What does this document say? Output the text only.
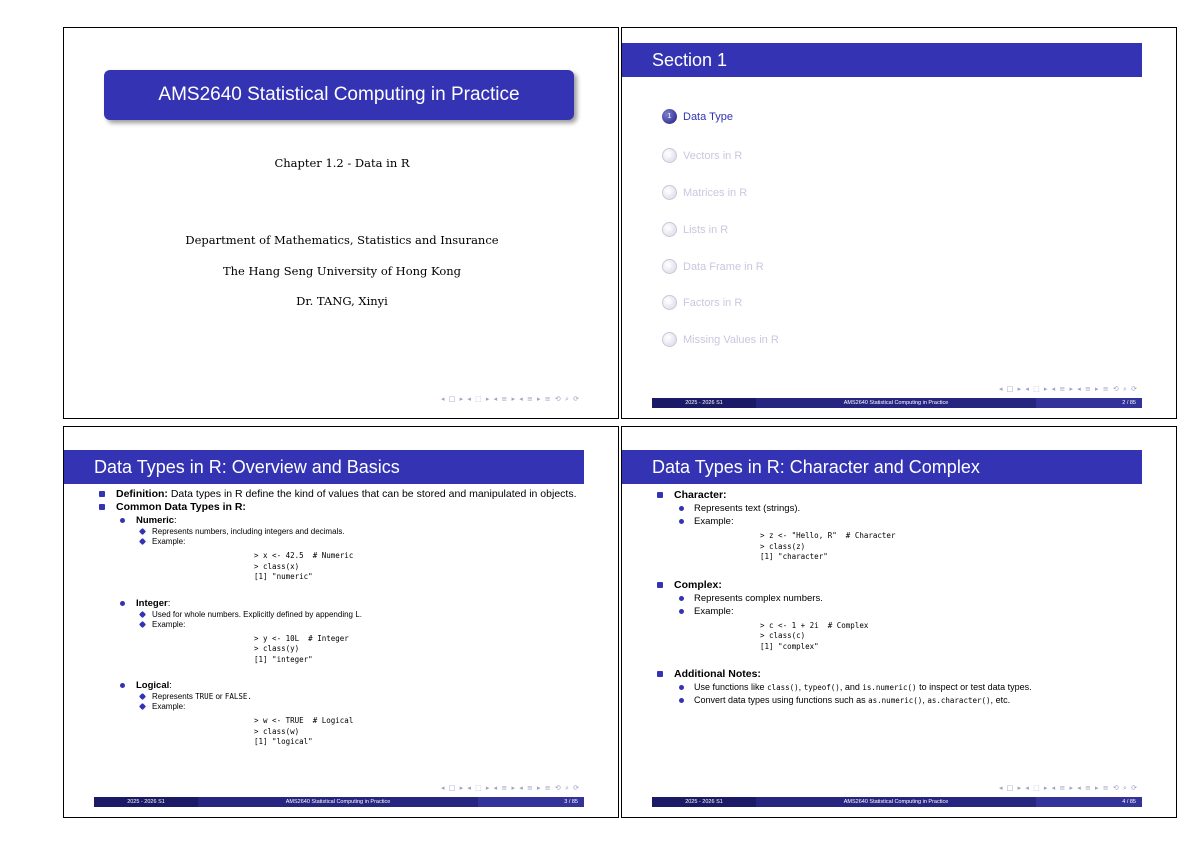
AMS2640 Statistical Computing in Practice
Chapter 1.2 - Data in R
Department of Mathematics, Statistics and Insurance
The Hang Seng University of Hong Kong
Dr. TANG, Xinyi
◂ □ ▸ ◂ ⬚ ▸ ◂ ≡ ▸ ◂ ≡ ▸ ≡ ⟲ ⌕ ⟳
Section 1
1	Data Type
2	Vectors in R
3	Matrices in R
4	Lists in R
5	Data Frame in R
6	Factors in R
7	Missing Values in R
◂ □ ▸ ◂ ⬚ ▸ ◂ ≡ ▸ ◂ ≡ ▸ ≡ ⟲ ⌕ ⟳
2025 - 2026 S1	AMS2640 Statistical Computing in Practice	2 / 85
Data Types in R: Overview and Basics
Definition: Data types in R define the kind of values that can be stored and manipulated in objects.
Common Data Types in R:
Numeric:
Represents numbers, including integers and decimals.
Example:
> x <- 42.5  # Numeric
> class(x)
[1] "numeric"
Integer:
Used for whole numbers. Explicitly defined by appending L.
Example:
> y <- 10L  # Integer
> class(y)
[1] "integer"
Logical:
Represents TRUE or FALSE.
Example:
> w <- TRUE  # Logical
> class(w)
[1] "logical"
◂ □ ▸ ◂ ⬚ ▸ ◂ ≡ ▸ ◂ ≡ ▸ ≡ ⟲ ⌕ ⟳
2025 - 2026 S1	AMS2640 Statistical Computing in Practice	3 / 85
Data Types in R: Character and Complex
Character:
Represents text (strings).
Example:
> z <- "Hello, R"  # Character
> class(z)
[1] "character"
Complex:
Represents complex numbers.
Example:
> c <- 1 + 2i  # Complex
> class(c)
[1] "complex"
Additional Notes:
Use functions like class(), typeof(), and is.numeric() to inspect or test data types.
Convert data types using functions such as as.numeric(), as.character(), etc.
◂ □ ▸ ◂ ⬚ ▸ ◂ ≡ ▸ ◂ ≡ ▸ ≡ ⟲ ⌕ ⟳
2025 - 2026 S1	AMS2640 Statistical Computing in Practice	4 / 85
